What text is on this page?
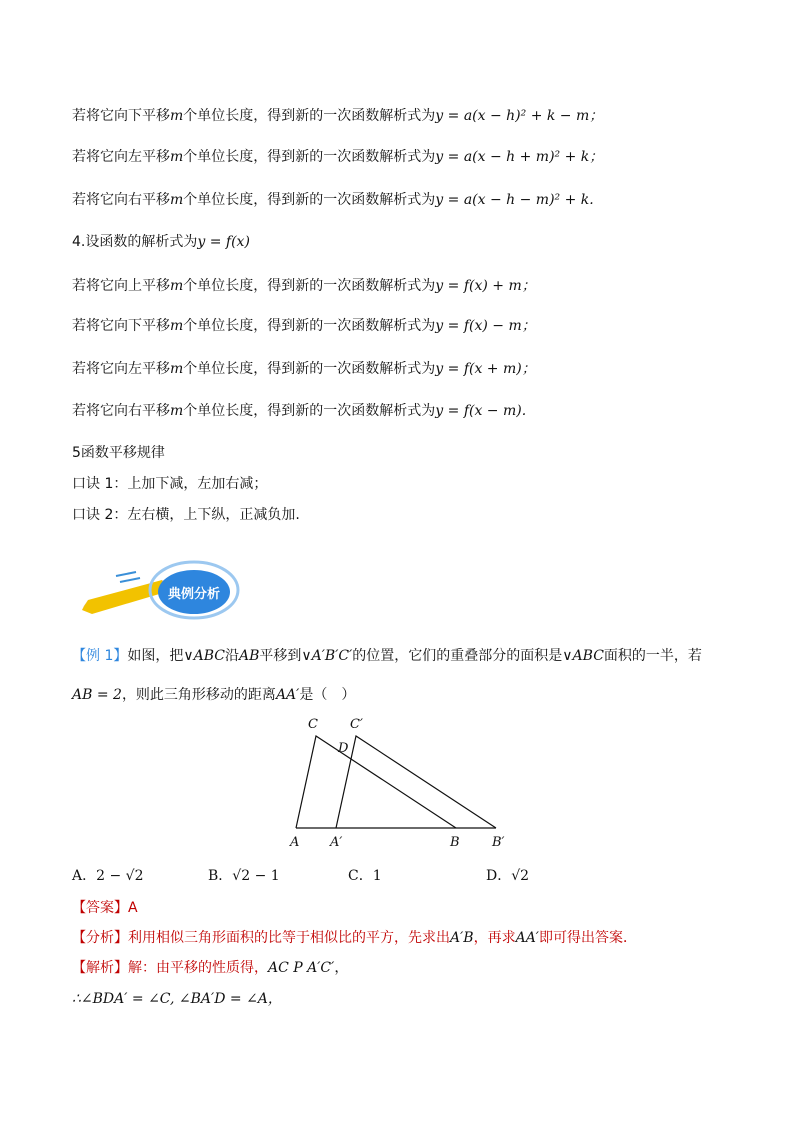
若将它向下平移m个单位长度，得到新的一次函数解析式为y = a(x − h)² + k − m；
若将它向左平移m个单位长度，得到新的一次函数解析式为y = a(x − h + m)² + k；
若将它向右平移m个单位长度，得到新的一次函数解析式为y = a(x − h − m)² + k.
4.设函数的解析式为y = f(x)
若将它向上平移m个单位长度，得到新的一次函数解析式为y = f(x) + m；
若将它向下平移m个单位长度，得到新的一次函数解析式为y = f(x) − m；
若将它向左平移m个单位长度，得到新的一次函数解析式为y = f(x + m)；
若将它向右平移m个单位长度，得到新的一次函数解析式为y = f(x − m).
5函数平移规律
口诀 1：上加下减，左加右减；
口诀 2：左右横，上下纵，正减负加.
典例分析
【例 1】如图，把∨ABC沿AB平移到∨A′B′C′的位置，它们的重叠部分的面积是∨ABC面积的一半，若
AB = 2，则此三角形移动的距离AA′是（　）
C C′
D
A A′	B B′
A．2 − √2	B．√2 − 1	C．1	D．√2
【答案】A
【分析】利用相似三角形面积的比等于相似比的平方，先求出A′B，再求AA′即可得出答案．
【解析】解：由平移的性质得，AC P A′C′，
∴∠BDA′ = ∠C, ∠BA′D = ∠A，
